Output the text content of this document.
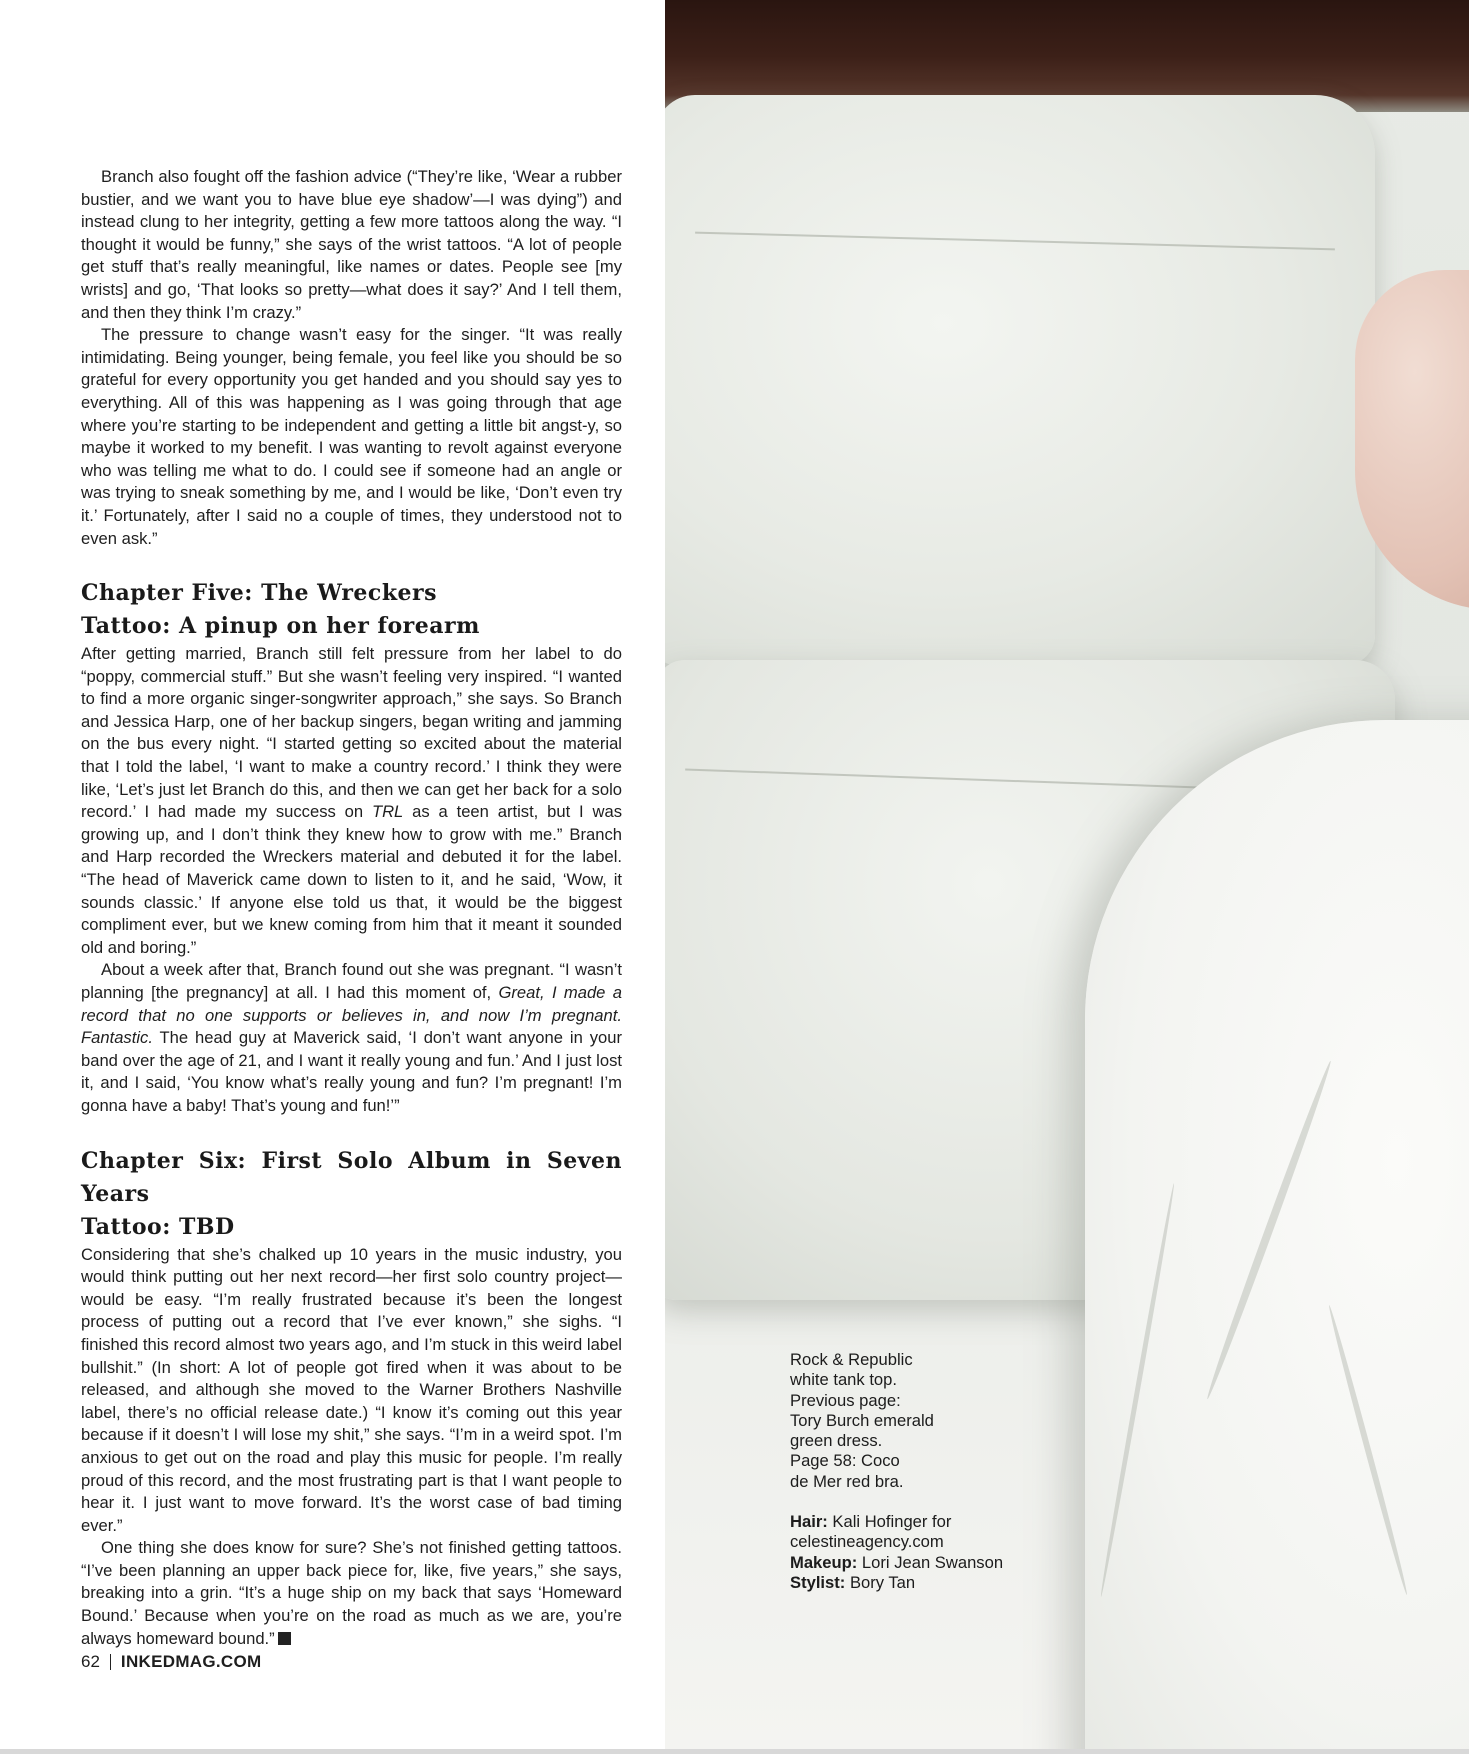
Branch also fought off the fashion advice (“They’re like, ‘Wear a rubber bustier, and we want you to have blue eye shadow’—I was dying”) and instead clung to her integrity, getting a few more tattoos along the way. “I thought it would be funny,” she says of the wrist tattoos. “A lot of people get stuff that’s really meaningful, like names or dates. People see [my wrists] and go, ‘That looks so pretty—what does it say?’ And I tell them, and then they think I’m crazy.”

The pressure to change wasn’t easy for the singer. “It was really intimidating. Being younger, being female, you feel like you should be so grateful for every opportunity you get handed and you should say yes to everything. All of this was happening as I was going through that age where you’re starting to be independent and getting a little bit angst-y, so maybe it worked to my benefit. I was wanting to revolt against everyone who was telling me what to do. I could see if someone had an angle or was trying to sneak something by me, and I would be like, ‘Don’t even try it.’ Fortunately, after I said no a couple of times, they understood not to even ask.”

Chapter Five: The Wreckers
Tattoo: A pinup on her forearm

After getting married, Branch still felt pressure from her label to do “poppy, commercial stuff.” But she wasn’t feeling very inspired. “I wanted to find a more organic singer-songwriter approach,” she says. So Branch and Jessica Harp, one of her backup singers, began writing and jamming on the bus every night. “I started getting so excited about the material that I told the label, ‘I want to make a country record.’ I think they were like, ‘Let’s just let Branch do this, and then we can get her back for a solo record.’ I had made my success on TRL as a teen artist, but I was growing up, and I don’t think they knew how to grow with me.” Branch and Harp recorded the Wreckers material and debuted it for the label. “The head of Maverick came down to listen to it, and he said, ‘Wow, it sounds classic.’ If anyone else told us that, it would be the biggest compliment ever, but we knew coming from him that it meant it sounded old and boring.”

About a week after that, Branch found out she was pregnant. “I wasn’t planning [the pregnancy] at all. I had this moment of, Great, I made a record that no one supports or believes in, and now I’m pregnant. Fantastic. The head guy at Maverick said, ‘I don’t want anyone in your band over the age of 21, and I want it really young and fun.’ And I just lost it, and I said, ‘You know what’s really young and fun? I’m pregnant! I’m gonna have a baby! That’s young and fun!’”

Chapter Six: First Solo Album in Seven Years
Tattoo: TBD

Considering that she’s chalked up 10 years in the music industry, you would think putting out her next record—her first solo country project—would be easy. “I’m really frustrated because it’s been the longest process of putting out a record that I’ve ever known,” she sighs. “I finished this record almost two years ago, and I’m stuck in this weird label bullshit.” (In short: A lot of people got fired when it was about to be released, and although she moved to the Warner Brothers Nashville label, there’s no official release date.) “I know it’s coming out this year because if it doesn’t I will lose my shit,” she says. “I’m in a weird spot. I’m anxious to get out on the road and play this music for people. I’m really proud of this record, and the most frustrating part is that I want people to hear it. I just want to move forward. It’s the worst case of bad timing ever.”

One thing she does know for sure? She’s not finished getting tattoos. “I’ve been planning an upper back piece for, like, five years,” she says, breaking into a grin. “It’s a huge ship on my back that says ‘Homeward Bound.’ Because when you’re on the road as much as we are, you’re always homeward bound.”

62 INKEDMAG.COM
Rock & Republic
white tank top.
Previous page:
Tory Burch emerald
green dress.
Page 58: Coco
de Mer red bra.
Hair: Kali Hofinger for
celestineagency.com
Makeup: Lori Jean Swanson
Stylist: Bory Tan
